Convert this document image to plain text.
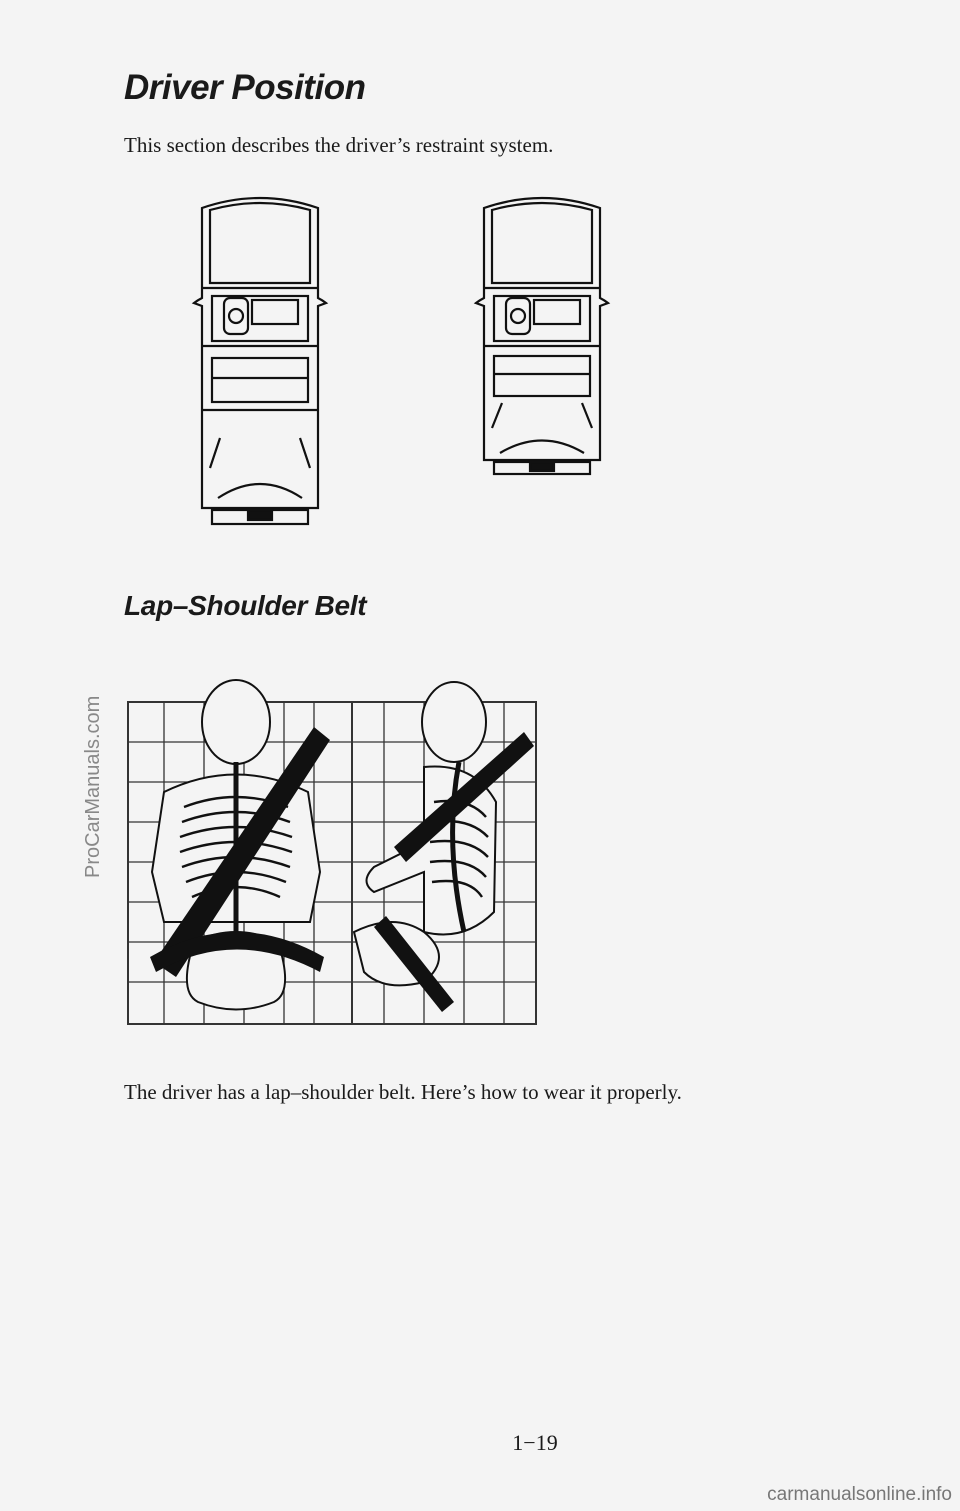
Driver Position

This section describes the driver’s restraint system.

Lap–Shoulder Belt

The driver has a lap–shoulder belt. Here’s how to wear it properly.

1−19
ProCarManuals.com
carmanualsonline.info
